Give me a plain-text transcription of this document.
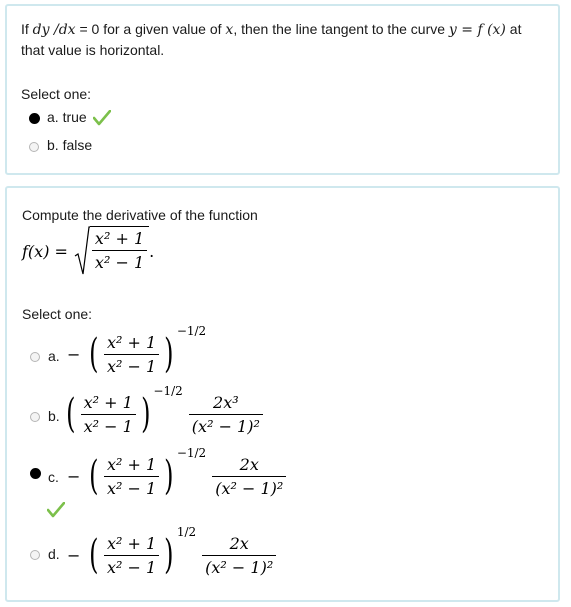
If dy /dx = 0 for a given value of x, then the line tangent to the curve y = f (x) at
that value is horizontal.
Select one:
a. true
b. false
Compute the derivative of the function
$f(x) = \frac{\text{x² + 1}}{\text{x² − 1}}$ .
Select one:
a. − ( $\frac{\text{x² + 1}}{\text{x² − 1}}$ ) −1/2
b. ( $\frac{\text{x² + 1}}{\text{x² − 1}}$ ) −1/2
$\frac{\text{2x³}}{\text{(x² − 1)²}}$
c. − ( $\frac{\text{x² + 1}}{\text{x² − 1}}$ ) −1/2
$\frac{2x}{\text{(x² − 1)²}}$
d. − ( $\frac{\text{x² + 1}}{\text{x² − 1}}$ ) 1/2
$\frac{2x}{\text{(x² − 1)²}}$
